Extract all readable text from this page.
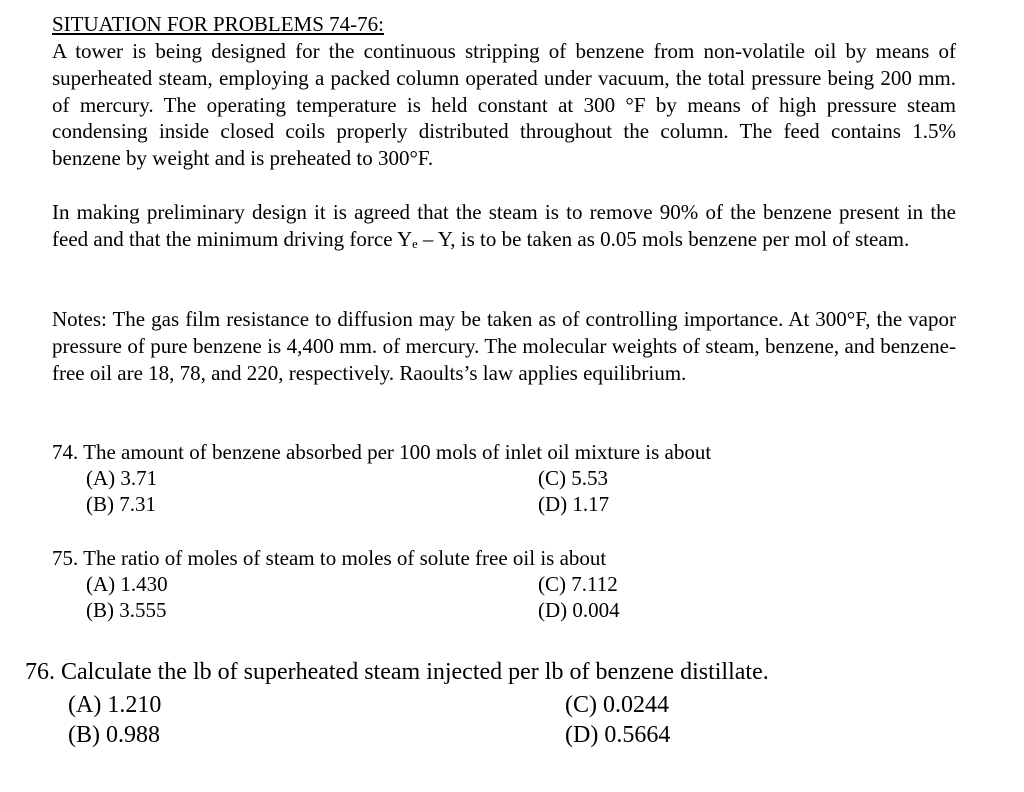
SITUATION FOR PROBLEMS 74-76:

A tower is being designed for the continuous stripping of benzene from non-volatile oil by means of superheated steam, employing a packed column operated under vacuum, the total pressure being 200 mm. of mercury. The operating temperature is held constant at 300 °F by means of high pressure steam condensing inside closed coils properly distributed throughout the column. The feed contains 1.5% benzene by weight and is preheated to 300°F.

In making preliminary design it is agreed that the steam is to remove 90% of the benzene present in the feed and that the minimum driving force Yₑ – Y, is to be taken as 0.05 mols benzene per mol of steam.

Notes: The gas film resistance to diffusion may be taken as of controlling importance. At 300°F, the vapor pressure of pure benzene is 4,400 mm. of mercury. The molecular weights of steam, benzene, and benzene-free oil are 18, 78, and 220, respectively. Raoults’s law applies equilibrium.

74. The amount of benzene absorbed per 100 mols of inlet oil mixture is about
(A) 3.71
(B) 7.31
(C) 5.53
(D) 1.17
75. The ratio of moles of steam to moles of solute free oil is about
(A) 1.430
(B) 3.555
(C) 7.112
(D) 0.004
76. Calculate the lb of superheated steam injected per lb of benzene distillate.
(A) 1.210
(B) 0.988
(C) 0.0244
(D) 0.5664
